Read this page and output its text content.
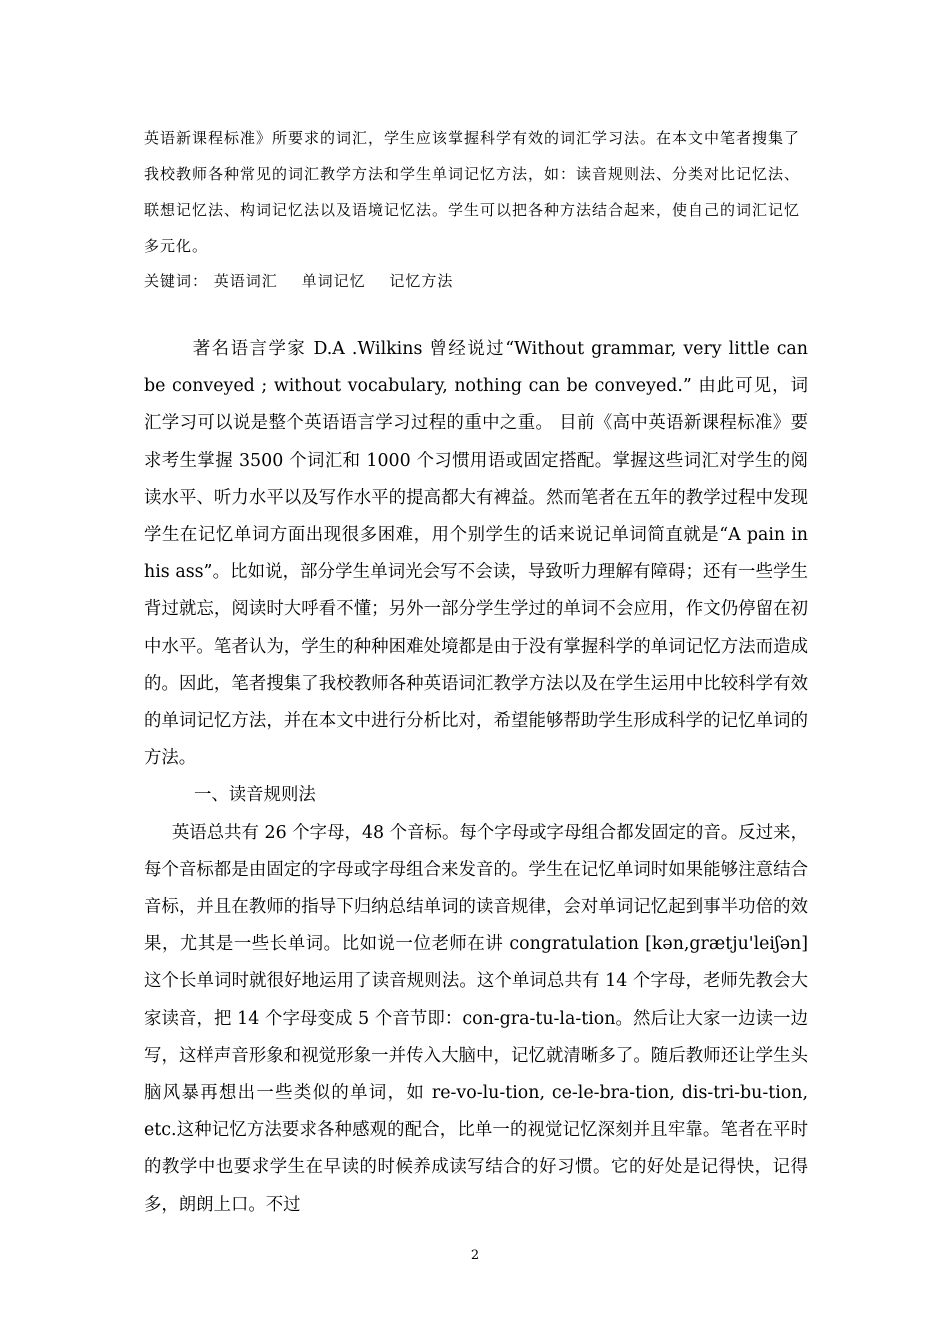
英语新课程标准》所要求的词汇，学生应该掌握科学有效的词汇学习法。在本文中笔者搜集了我校教师各种常见的词汇教学方法和学生单词记忆方法，如：读音规则法、分类对比记忆法、联想记忆法、构词记忆法以及语境记忆法。学生可以把各种方法结合起来，使自己的词汇记忆多元化。

关键词： 英语词汇 单词记忆 记忆方法

著名语言学家 D.A .Wilkins 曾经说过“Without grammar, very little can be conveyed ; without vocabulary, nothing can be conveyed.” 由此可见，词汇学习可以说是整个英语语言学习过程的重中之重。 目前《高中英语新课程标准》要求考生掌握 3500 个词汇和 1000 个习惯用语或固定搭配。掌握这些词汇对学生的阅读水平、听力水平以及写作水平的提高都大有裨益。然而笔者在五年的教学过程中发现学生在记忆单词方面出现很多困难，用个别学生的话来说记单词简直就是“A pain in his ass”。比如说，部分学生单词光会写不会读，导致听力理解有障碍；还有一些学生背过就忘，阅读时大呼看不懂；另外一部分学生学过的单词不会应用，作文仍停留在初中水平。笔者认为，学生的种种困难处境都是由于没有掌握科学的单词记忆方法而造成的。因此，笔者搜集了我校教师各种英语词汇教学方法以及在学生运用中比较科学有效的单词记忆方法，并在本文中进行分析比对，希望能够帮助学生形成科学的记忆单词的方法。

一、读音规则法

英语总共有 26 个字母，48 个音标。每个字母或字母组合都发固定的音。反过来，每个音标都是由固定的字母或字母组合来发音的。学生在记忆单词时如果能够注意结合音标，并且在教师的指导下归纳总结单词的读音规律，会对单词记忆起到事半功倍的效果，尤其是一些长单词。比如说一位老师在讲 congratulation [kən,grætju'leiʃən] 这个长单词时就很好地运用了读音规则法。这个单词总共有 14 个字母，老师先教会大家读音，把 14 个字母变成 5 个音节即：con-gra-tu-la-tion。然后让大家一边读一边写，这样声音形象和视觉形象一并传入大脑中，记忆就清晰多了。随后教师还让学生头脑风暴再想出一些类似的单词，如 re-vo-lu-tion, ce-le-bra-tion, dis-tri-bu-tion, etc.这种记忆方法要求各种感观的配合，比单一的视觉记忆深刻并且牢靠。笔者在平时的教学中也要求学生在早读的时候养成读写结合的好习惯。它的好处是记得快，记得多，朗朗上口。不过

2
